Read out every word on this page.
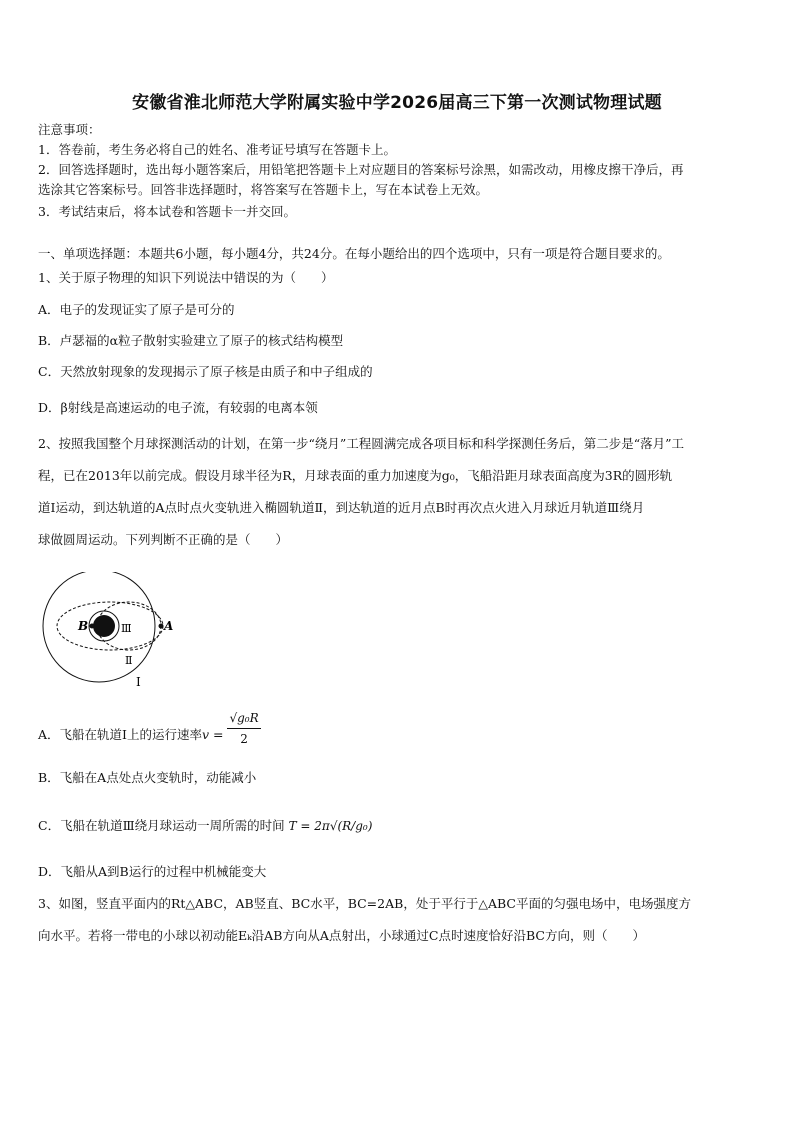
安徽省淮北师范大学附属实验中学2026届高三下第一次测试物理试题
注意事项：
1．答卷前，考生务必将自己的姓名、准考证号填写在答题卡上。
2．回答选择题时，选出每小题答案后，用铅笔把答题卡上对应题目的答案标号涂黑，如需改动，用橡皮擦干净后，再
选涂其它答案标号。回答非选择题时，将答案写在答题卡上，写在本试卷上无效。
3．考试结束后，将本试卷和答题卡一并交回。
一、单项选择题：本题共6小题，每小题4分，共24分。在每小题给出的四个选项中，只有一项是符合题目要求的。
1、关于原子物理的知识下列说法中错误的为（　　）
A．电子的发现证实了原子是可分的
B．卢瑟福的α粒子散射实验建立了原子的核式结构模型
C．天然放射现象的发现揭示了原子核是由质子和中子组成的
D．β射线是高速运动的电子流，有较弱的电离本领
2、按照我国整个月球探测活动的计划，在第一步“绕月”工程圆满完成各项目标和科学探测任务后，第二步是“落月”工
程，已在2013年以前完成。假设月球半径为R，月球表面的重力加速度为g₀，飞船沿距月球表面高度为3R的圆形轨
道Ⅰ运动，到达轨道的A点时点火变轨进入椭圆轨道Ⅱ，到达轨道的近月点B时再次点火进入月球近月轨道Ⅲ绕月
球做圆周运动。下列判断不正确的是（　　）
B	A
Ⅲ
Ⅱ
Ⅰ
A．飞船在轨道Ⅰ上的运行速率$v = \frac{\text{√g₀R}}{2}$
B．飞船在A点处点火变轨时，动能减小
C．飞船在轨道Ⅲ绕月球运动一周所需的时间 T = 2π√(R/g₀)
D．飞船从A到B运行的过程中机械能变大
3、如图，竖直平面内的Rt△ABC，AB竖直、BC水平，BC=2AB，处于平行于△ABC平面的匀强电场中，电场强度方
向水平。若将一带电的小球以初动能Eₖ沿AB方向从A点射出，小球通过C点时速度恰好沿BC方向，则（　　）
